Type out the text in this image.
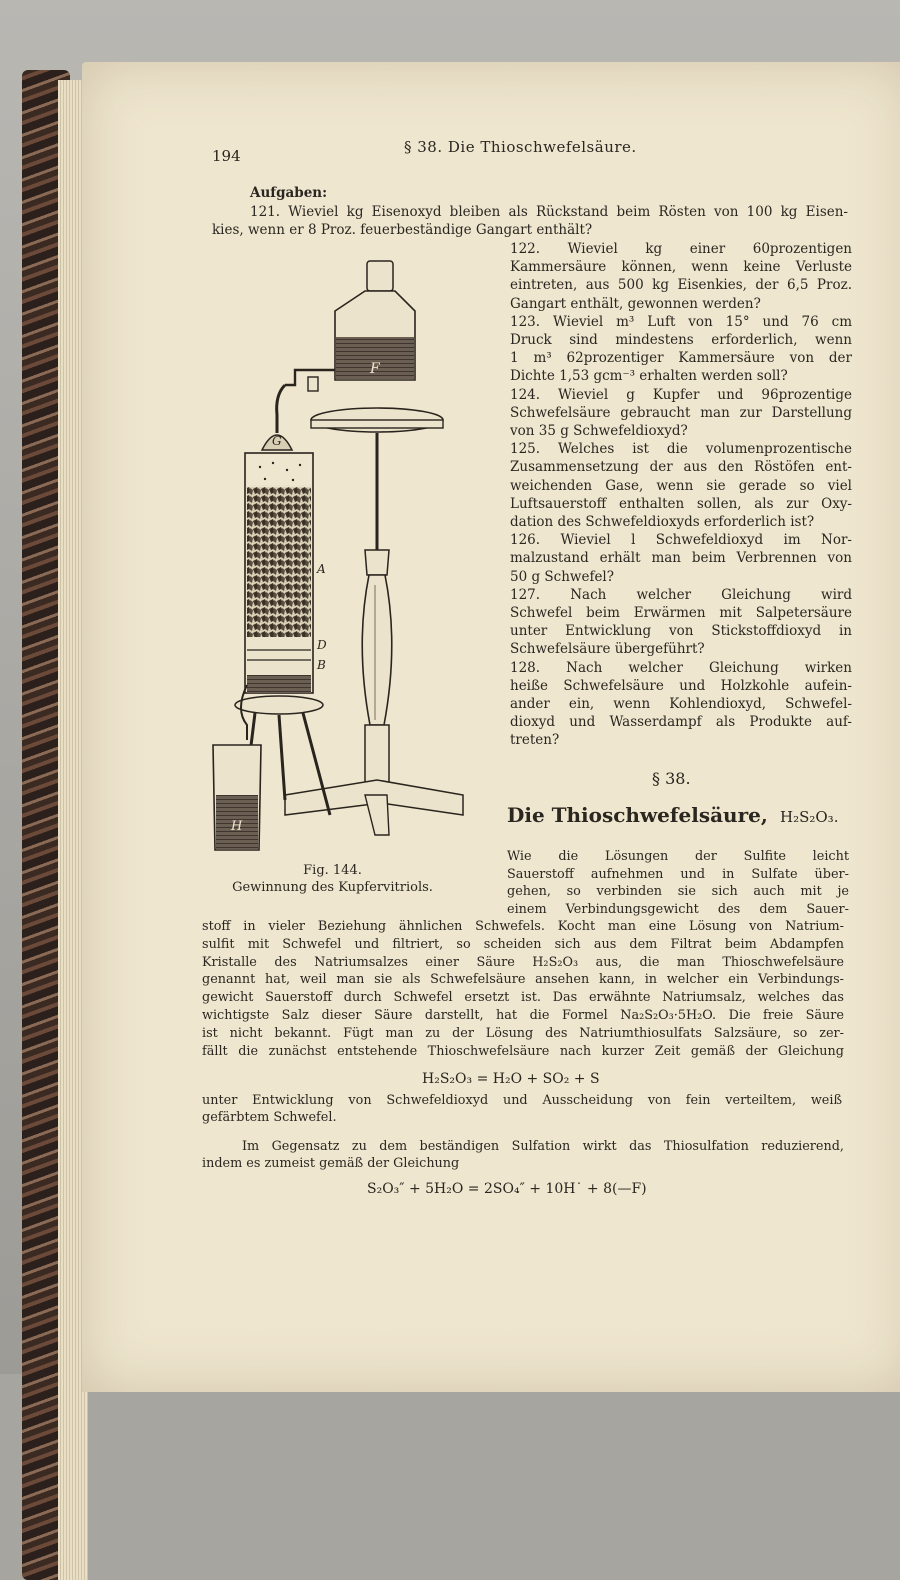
194	§ 38. Die Thioschwefelsäure.
Aufgaben:
121. Wieviel kg Eisenoxyd bleiben als Rückstand beim Rösten von 100 kg Eisen-
kies, wenn er 8 Proz. feuerbeständige Gangart enthält?
122. Wieviel kg einer 60prozentigen
Kammersäure können, wenn keine Verluste
eintreten, aus 500 kg Eisenkies, der 6,5 Proz.
Gangart enthält, gewonnen werden?
123. Wieviel m³ Luft von 15° und 76 cm
Druck sind mindestens erforderlich, wenn
1 m³ 62prozentiger Kammersäure von der
Dichte 1,53 gcm⁻³ erhalten werden soll?
124. Wieviel g Kupfer und 96prozentige
Schwefelsäure gebraucht man zur Darstellung
von 35 g Schwefeldioxyd?
125. Welches ist die volumenprozentische
Zusammensetzung der aus den Röstöfen ent-
weichenden Gase, wenn sie gerade so viel
Luftsauerstoff enthalten sollen, als zur Oxy-
dation des Schwefeldioxyds erforderlich ist?
126. Wieviel l Schwefeldioxyd im Nor-
malzustand erhält man beim Verbrennen von
50 g Schwefel?
127. Nach welcher Gleichung wird
Schwefel beim Erwärmen mit Salpetersäure
unter Entwicklung von Stickstoffdioxyd in
Schwefelsäure übergeführt?
128. Nach welcher Gleichung wirken
heiße Schwefelsäure und Holzkohle aufein-
ander ein, wenn Kohlendioxyd, Schwefel-
dioxyd und Wasserdampf als Produkte auf-
treten?
§ 38.
Die Thioschwefelsäure, H₂S₂O₃.
Wie die Lösungen der Sulfite leicht
Sauerstoff aufnehmen und in Sulfate über-
gehen, so verbinden sie sich auch mit je
einem Verbindungsgewicht des dem Sauer-
stoff in vieler Beziehung ähnlichen Schwefels. Kocht man eine Lösung von Natrium-
sulfit mit Schwefel und filtriert, so scheiden sich aus dem Filtrat beim Abdampfen
Kristalle des Natriumsalzes einer Säure H₂S₂O₃ aus, die man Thioschwefelsäure
genannt hat, weil man sie als Schwefelsäure ansehen kann, in welcher ein Verbindungs-
gewicht Sauerstoff durch Schwefel ersetzt ist. Das erwähnte Natriumsalz, welches das
wichtigste Salz dieser Säure darstellt, hat die Formel Na₂S₂O₃·5H₂O. Die freie Säure
ist nicht bekannt. Fügt man zu der Lösung des Natriumthiosulfats Salzsäure, so zer-
fällt die zunächst entstehende Thioschwefelsäure nach kurzer Zeit gemäß der Gleichung
H₂S₂O₃ = H₂O + SO₂ + S
unter Entwicklung von Schwefeldioxyd und Ausscheidung von fein verteiltem, weiß
gefärbtem Schwefel.
Im Gegensatz zu dem beständigen Sulfation wirkt das Thiosulfation reduzierend,
indem es zumeist gemäß der Gleichung
S₂O₃″ + 5H₂O = 2SO₄″ + 10H˙ + 8(—F)
F
G
A
D
B
H
Fig. 144.
Gewinnung des Kupfervitriols.
